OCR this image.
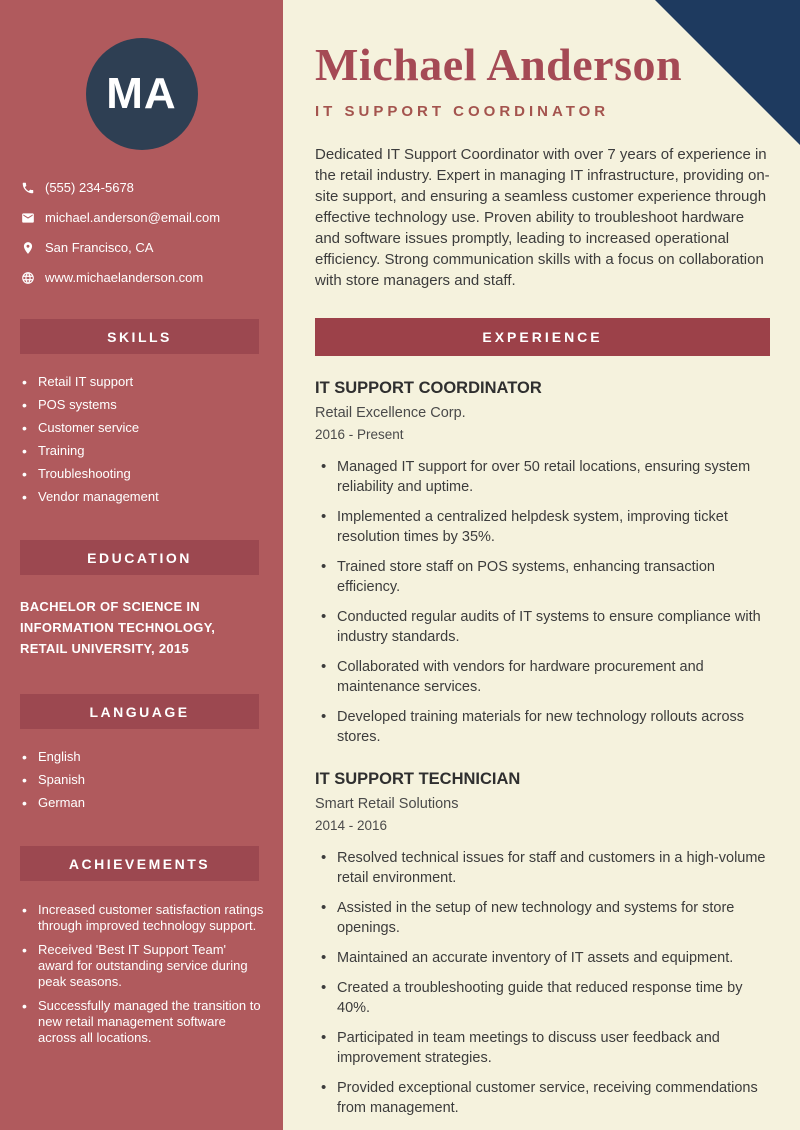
MA
(555) 234-5678
michael.anderson@email.com
San Francisco, CA
www.michaelanderson.com
SKILLS
• Retail IT support
• POS systems
• Customer service
• Training
• Troubleshooting
• Vendor management
EDUCATION
BACHELOR OF SCIENCE IN INFORMATION TECHNOLOGY, RETAIL UNIVERSITY, 2015
LANGUAGE
• English
• Spanish
• German
ACHIEVEMENTS
• Increased customer satisfaction ratings through improved technology support.
• Received 'Best IT Support Team' award for outstanding service during peak seasons.
• Successfully managed the transition to new retail management software across all locations.
Michael Anderson
IT SUPPORT COORDINATOR

Dedicated IT Support Coordinator with over 7 years of experience in the retail industry. Expert in managing IT infrastructure, providing on-site support, and ensuring a seamless customer experience through effective technology use. Proven ability to troubleshoot hardware and software issues promptly, leading to increased operational efficiency. Strong communication skills with a focus on collaboration with store managers and staff.

EXPERIENCE
IT SUPPORT COORDINATOR
Retail Excellence Corp.
2016 - Present
• Managed IT support for over 50 retail locations, ensuring system reliability and uptime.
• Implemented a centralized helpdesk system, improving ticket resolution times by 35%.
• Trained store staff on POS systems, enhancing transaction efficiency.
• Conducted regular audits of IT systems to ensure compliance with industry standards.
• Collaborated with vendors for hardware procurement and maintenance services.
• Developed training materials for new technology rollouts across stores.
IT SUPPORT TECHNICIAN
Smart Retail Solutions
2014 - 2016
• Resolved technical issues for staff and customers in a high-volume retail environment.
• Assisted in the setup of new technology and systems for store openings.
• Maintained an accurate inventory of IT assets and equipment.
• Created a troubleshooting guide that reduced response time by 40%.
• Participated in team meetings to discuss user feedback and improvement strategies.
• Provided exceptional customer service, receiving commendations from management.
